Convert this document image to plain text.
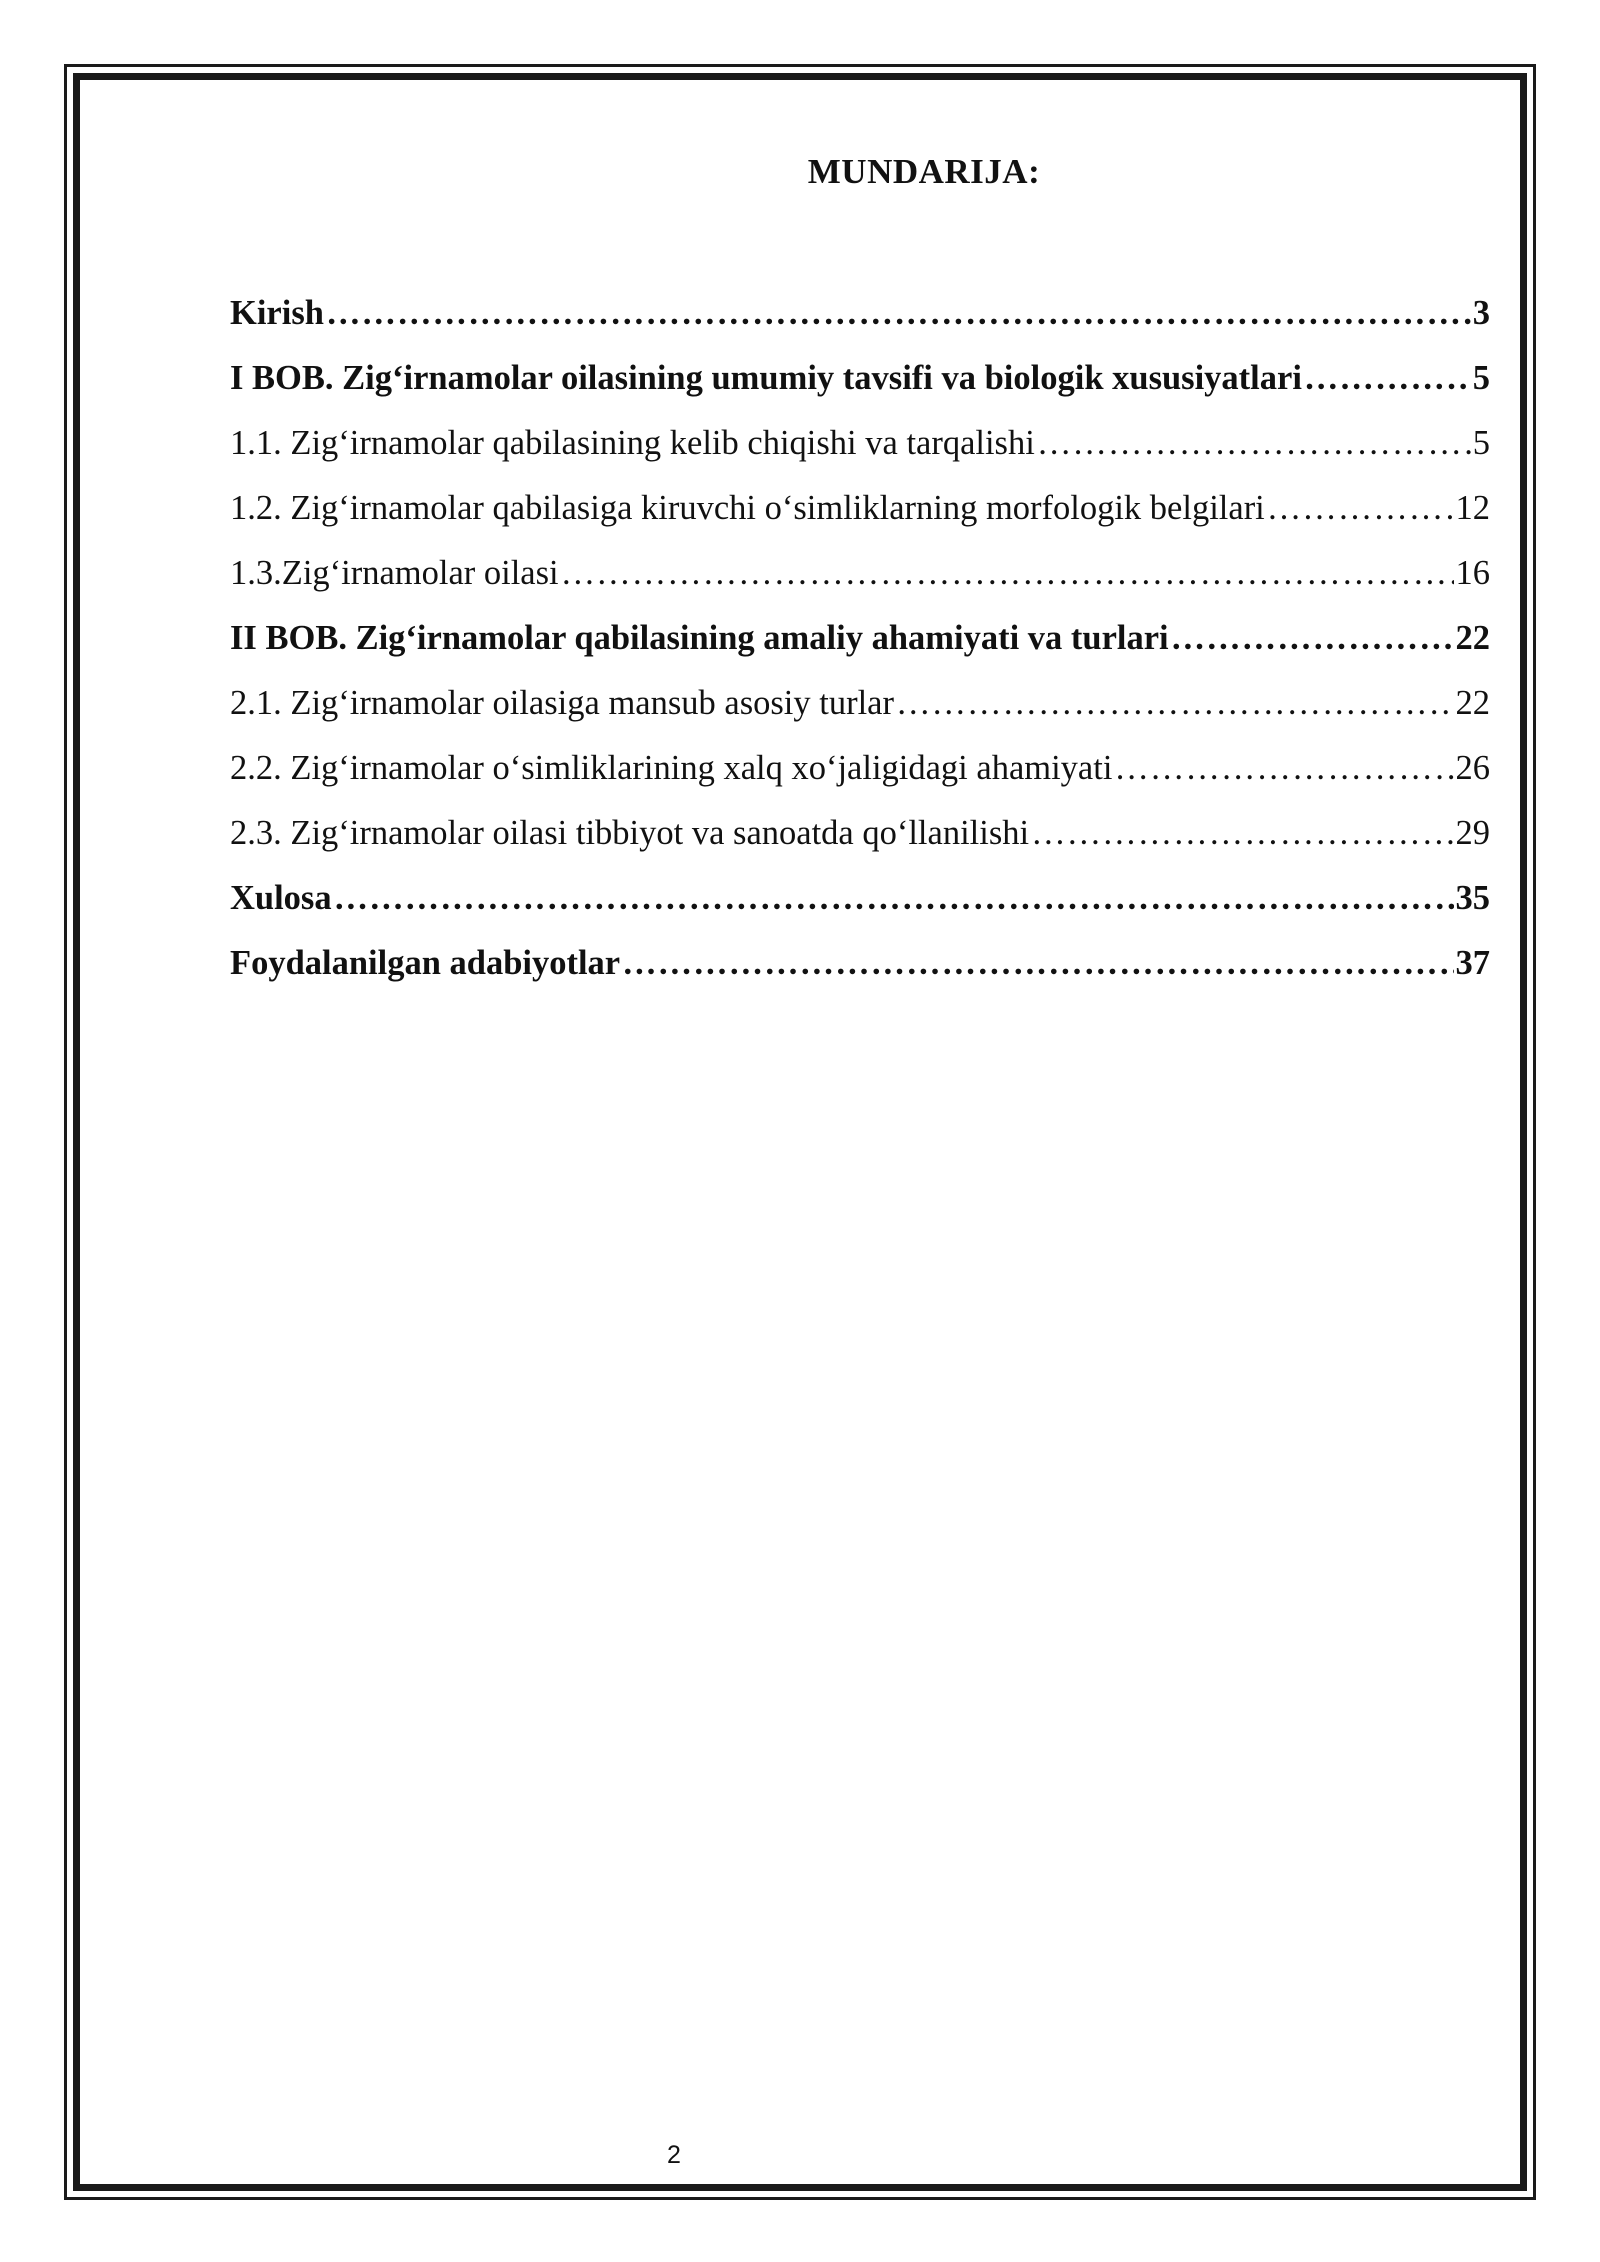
MUNDARIJA:
Kirish ……………………………………………………………………………………………………………………………………………………………………	3
I BOB. Zig‘irnamolar oilasining umumiy tavsifi va biologik xususiyatlari ……………………………………………………………………………………………………………………………………………………………………	5
1.1. Zig‘irnamolar qabilasining kelib chiqishi va tarqalishi ……………………………………………………………………………………………………………………………………………………………………	5
1.2. Zig‘irnamolar qabilasiga kiruvchi o‘simliklarning morfologik belgilari ……………………………………………………………………………………………………………………………………………………………………	12
1.3.Zig‘irnamolar oilasi ……………………………………………………………………………………………………………………………………………………………………	16
II BOB. Zig‘irnamolar qabilasining amaliy ahamiyati va turlari ……………………………………………………………………………………………………………………………………………………………………	22
2.1. Zig‘irnamolar oilasiga mansub asosiy turlar ……………………………………………………………………………………………………………………………………………………………………	22
2.2. Zig‘irnamolar o‘simliklarining xalq xo‘jaligidagi ahamiyati ……………………………………………………………………………………………………………………………………………………………………	26
2.3. Zig‘irnamolar oilasi tibbiyot va sanoatda qo‘llanilishi ……………………………………………………………………………………………………………………………………………………………………	29
Xulosa ……………………………………………………………………………………………………………………………………………………………………	35
Foydalanilgan adabiyotlar ……………………………………………………………………………………………………………………………………………………………………	37
2
